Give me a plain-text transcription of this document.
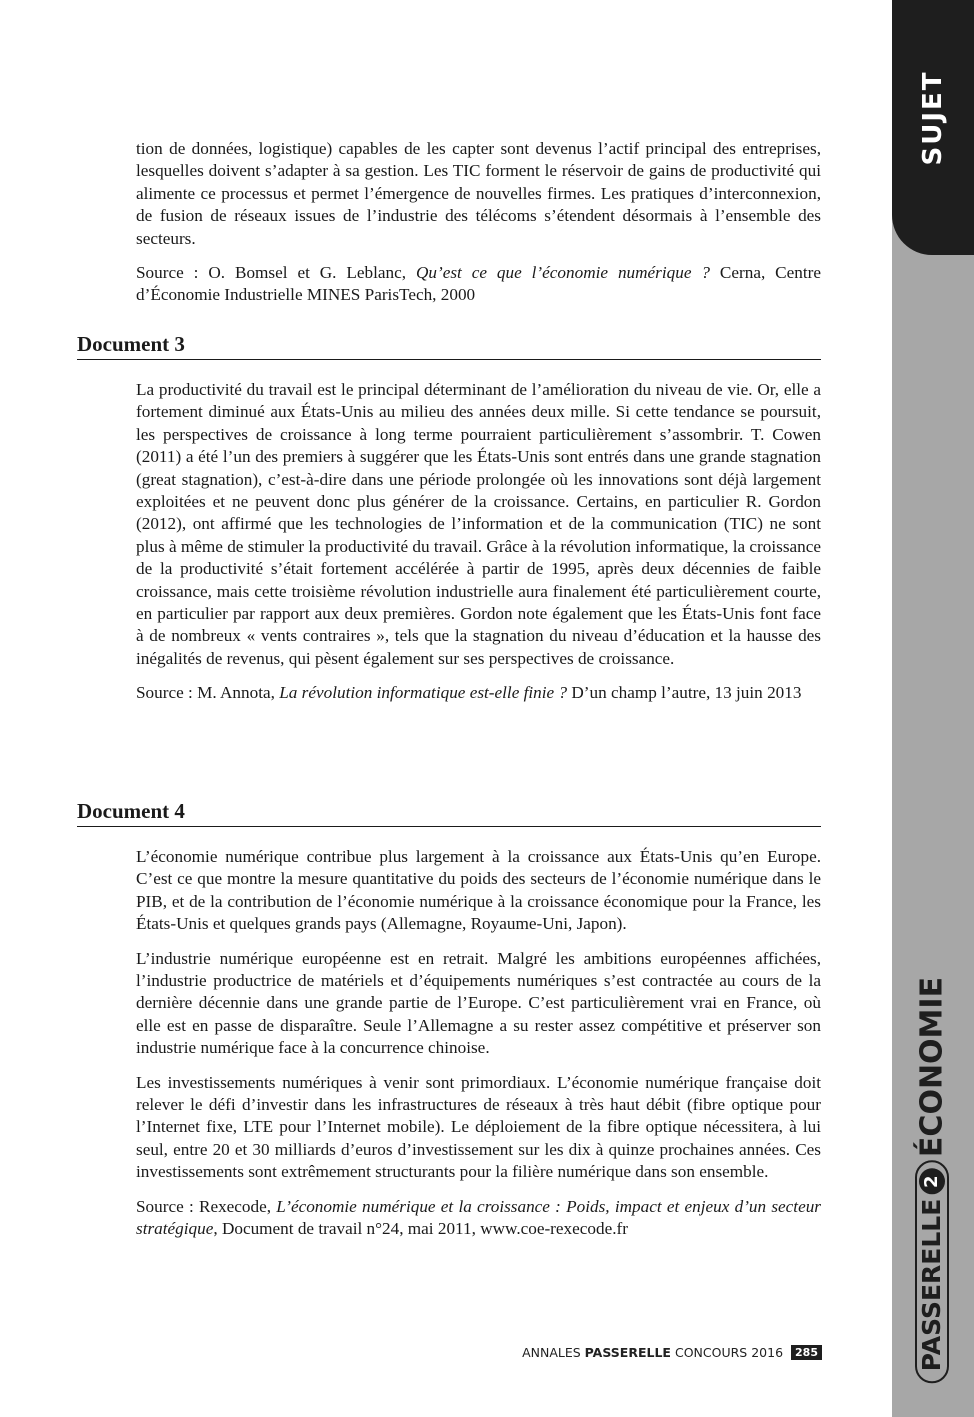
SUJET
ÉCONOMIE
PASSERELLE
2

tion de données, logistique) capables de les capter sont devenus l’actif principal des entreprises, lesquelles doivent s’adapter à sa gestion. Les TIC forment le réservoir de gains de productivité qui alimente ce processus et permet l’émergence de nouvelles firmes. Les pratiques d’interconnexion, de fusion de réseaux issues de l’industrie des télécoms s’étendent désormais à l’ensemble des secteurs.

Source : O. Bomsel et G. Leblanc, Qu’est ce que l’économie numérique ? Cerna, Centre d’Économie Industrielle MINES ParisTech, 2000

Document 3

La productivité du travail est le principal déterminant de l’amélioration du niveau de vie. Or, elle a fortement diminué aux États-Unis au milieu des années deux mille. Si cette tendance se poursuit, les perspectives de croissance à long terme pourraient particulièrement s’assombrir. T. Cowen (2011) a été l’un des premiers à suggérer que les États-Unis sont entrés dans une grande stagnation (great stagnation), c’est-à-dire dans une période prolongée où les innovations sont déjà largement exploitées et ne peuvent donc plus générer de la croissance. Certains, en particulier R. Gordon (2012), ont affirmé que les technologies de l’information et de la communication (TIC) ne sont plus à même de stimuler la productivité du travail. Grâce à la révolution informatique, la croissance de la productivité s’était fortement accélérée à partir de 1995, après deux décennies de faible croissance, mais cette troisième révolution industrielle aura finalement été particulièrement courte, en particulier par rapport aux deux premières. Gordon note également que les États-Unis font face à de nombreux « vents contraires », tels que la stagnation du niveau d’éducation et la hausse des inégalités de revenus, qui pèsent également sur ses perspectives de croissance.

Source : M. Annota, La révolution informatique est-elle finie ? D’un champ l’autre, 13 juin 2013

Document 4

L’économie numérique contribue plus largement à la croissance aux États-Unis qu’en Europe. C’est ce que montre la mesure quantitative du poids des secteurs de l’économie numérique dans le PIB, et de la contribution de l’économie numérique à la croissance économique pour la France, les États-Unis et quelques grands pays (Allemagne, Royaume-Uni, Japon).

L’industrie numérique européenne est en retrait. Malgré les ambitions européennes affichées, l’industrie productrice de matériels et d’équipements numériques s’est contractée au cours de la dernière décennie dans une grande partie de l’Europe. C’est particulièrement vrai en France, où elle est en passe de disparaître. Seule l’Allemagne a su rester assez compétitive et préserver son industrie numérique face à la concurrence chinoise.

Les investissements numériques à venir sont primordiaux. L’économie numérique française doit relever le défi d’investir dans les infrastructures de réseaux à très haut débit (fibre optique pour l’Internet fixe, LTE pour l’Internet mobile). Le déploiement de la fibre optique nécessitera, à lui seul, entre 20 et 30 milliards d’euros d’investissement sur les dix à quinze prochaines années. Ces investissements sont extrêmement structurants pour la filière numérique dans son ensemble.

Source : Rexecode, L’économie numérique et la croissance : Poids, impact et enjeux d’un secteur stratégique, Document de travail n°24, mai 2011, www.coe-rexecode.fr

ANNALES PASSERELLE CONCOURS 2016	285
